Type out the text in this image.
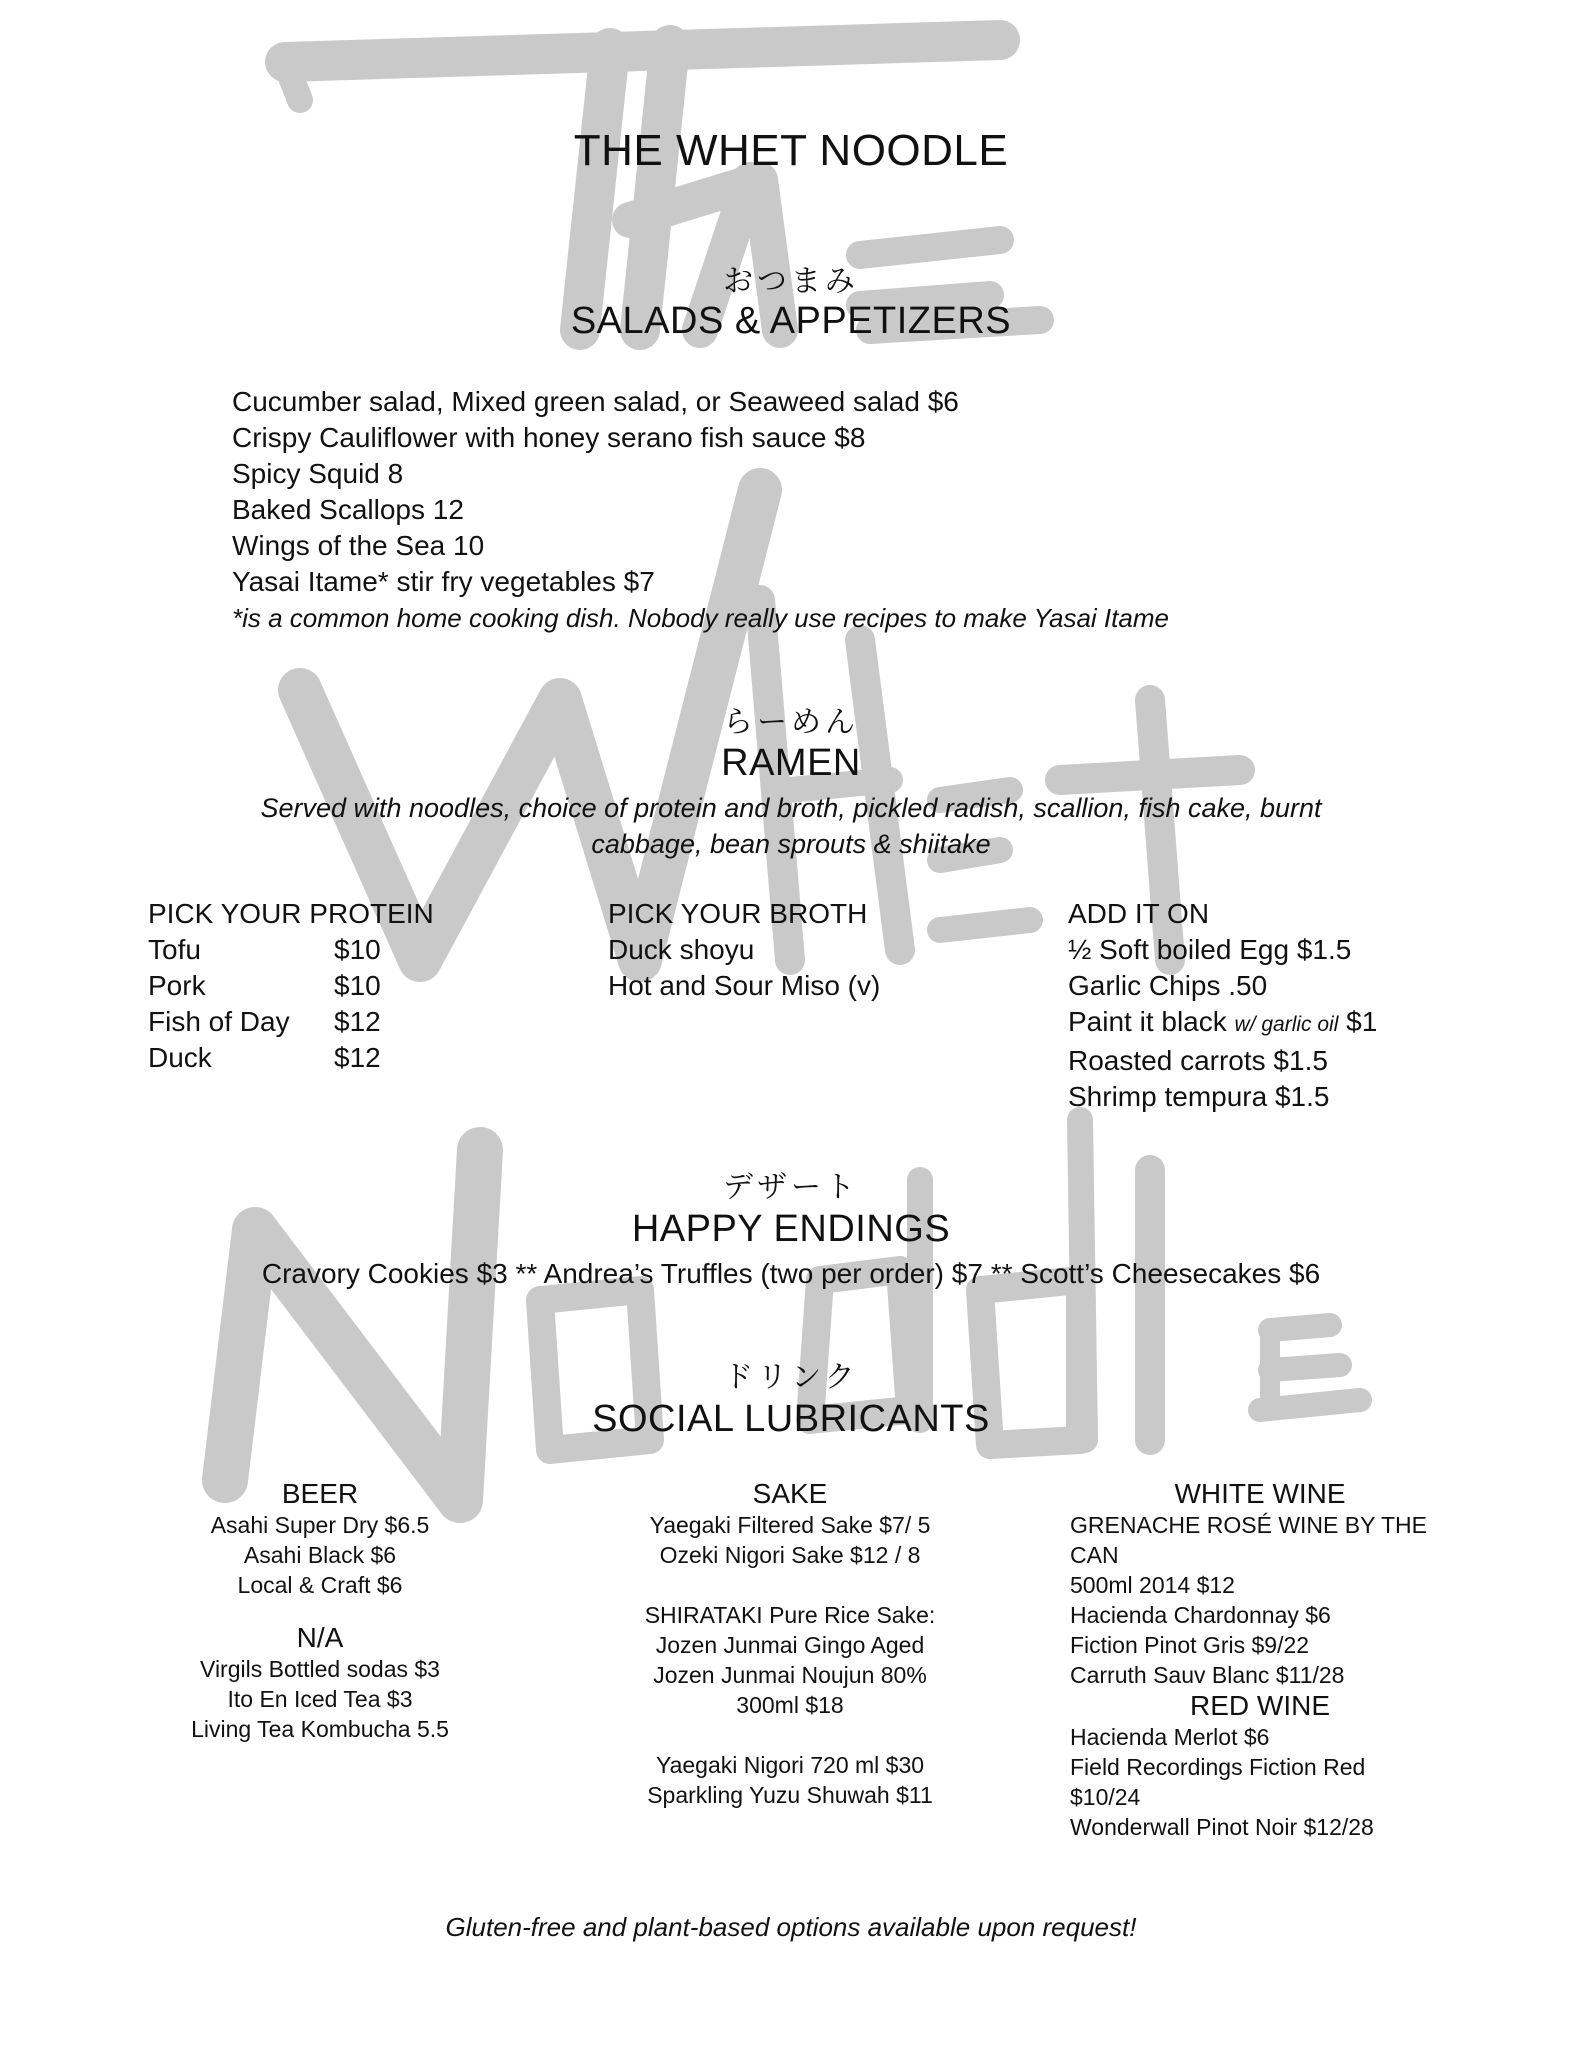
THE WHET NOODLE
おつまみ
SALADS & APPETIZERS
Cucumber salad, Mixed green salad, or Seaweed salad $6
Crispy Cauliflower with honey serano fish sauce $8
Spicy Squid 8
Baked Scallops 12
Wings of the Sea 10
Yasai Itame* stir fry vegetables $7
*is a common home cooking dish. Nobody really use recipes to make Yasai Itame
らーめん
RAMEN
Served with noodles, choice of protein and broth, pickled radish, scallion, fish cake, burnt
cabbage, bean sprouts & shiitake
PICK YOUR PROTEIN
Tofu	$10
Pork	$10
Fish of Day $12
Duck	$12
PICK YOUR BROTH
Duck shoyu
Hot and Sour Miso (v)
ADD IT ON
½ Soft boiled Egg $1.5
Garlic Chips .50
Paint it black w/ garlic oil $1
Roasted carrots $1.5
Shrimp tempura $1.5
デザート
HAPPY ENDINGS
Cravory Cookies $3 ** Andrea’s Truffles (two per order) $7 ** Scott’s Cheesecakes $6
ドリンク
SOCIAL LUBRICANTS
BEER
Asahi Super Dry $6.5
Asahi Black $6
Local & Craft $6
N/A
Virgils Bottled sodas $3
Ito En Iced Tea $3
Living Tea Kombucha 5.5
SAKE
Yaegaki Filtered Sake $7/ 5
Ozeki Nigori Sake $12 / 8
SHIRATAKI Pure Rice Sake:
Jozen Junmai Gingo Aged
Jozen Junmai Noujun 80%
300ml $18
Yaegaki Nigori 720 ml $30
Sparkling Yuzu Shuwah $11
WHITE WINE
GRENACHE ROSÉ WINE BY THE
CAN
500ml 2014 $12
Hacienda Chardonnay $6
Fiction Pinot Gris $9/22
Carruth Sauv Blanc $11/28
RED WINE
Hacienda Merlot $6
Field Recordings Fiction Red
$10/24
Wonderwall Pinot Noir $12/28
Gluten-free and plant-based options available upon request!
